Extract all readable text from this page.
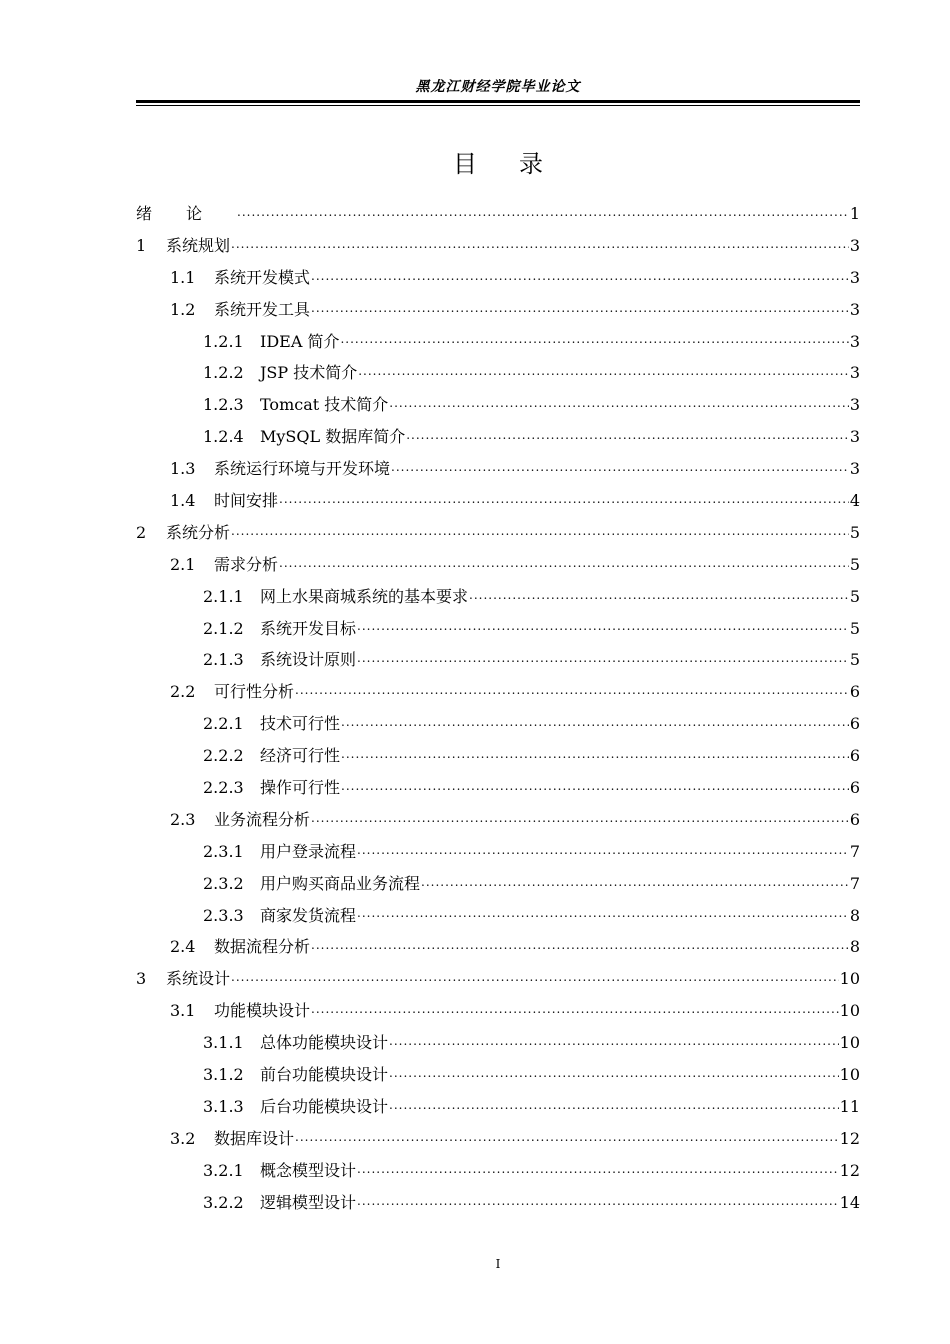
黑龙江财经学院毕业论文
目录
绪论 .....	1
1	系统规划 .....	3
1.1	系统开发模式 .....	3
1.2	系统开发工具 .....	3
1.2.1	IDEA 简介 .....	3
1.2.2	JSP 技术简介 .....	3
1.2.3	Tomcat 技术简介 .....	3
1.2.4	MySQL 数据库简介 .....	3
1.3	系统运行环境与开发环境 .....	3
1.4	时间安排 .....	4
2	系统分析 .....	5
2.1	需求分析 .....	5
2.1.1	网上水果商城系统的基本要求 .....	5
2.1.2	系统开发目标 .....	5
2.1.3	系统设计原则 .....	5
2.2	可行性分析 .....	6
2.2.1	技术可行性 .....	6
2.2.2	经济可行性 .....	6
2.2.3	操作可行性 .....	6
2.3	业务流程分析 .....	6
2.3.1	用户登录流程 .....	7
2.3.2	用户购买商品业务流程 .....	7
2.3.3	商家发货流程 .....	8
2.4	数据流程分析 .....	8
3	系统设计 .....	10
3.1	功能模块设计 .....	10
3.1.1	总体功能模块设计 .....	10
3.1.2	前台功能模块设计 .....	10
3.1.3	后台功能模块设计 .....	11
3.2	数据库设计 .....	12
3.2.1	概念模型设计 .....	12
3.2.2	逻辑模型设计 .....	14
I
